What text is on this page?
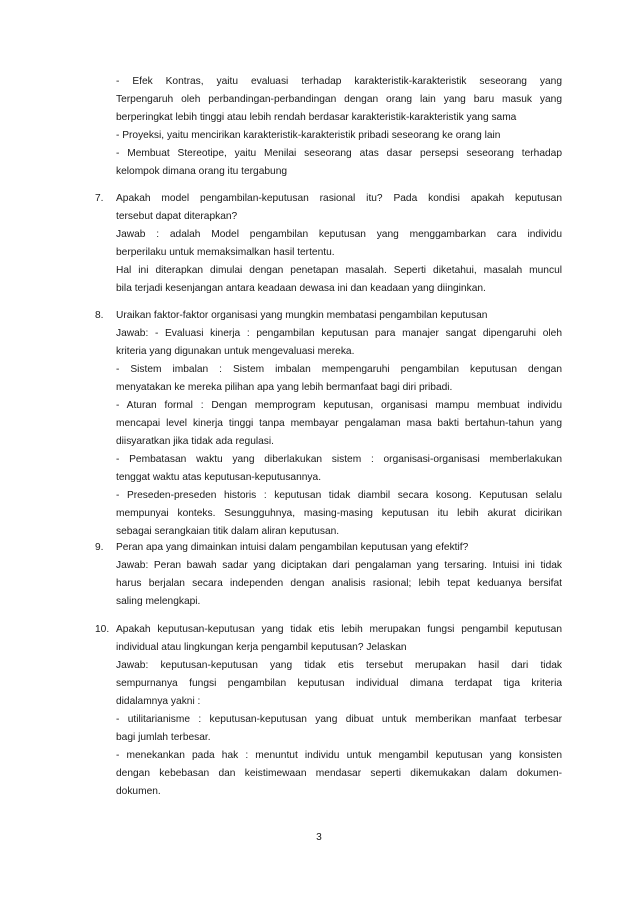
- Efek Kontras, yaitu evaluasi terhadap karakteristik-karakteristik seseorang yang
Terpengaruh oleh perbandingan-perbandingan dengan orang lain yang baru masuk yang
berperingkat lebih tinggi atau lebih rendah berdasar karakteristik-karakteristik yang sama
- Proyeksi, yaitu mencirikan karakteristik-karakteristik pribadi seseorang ke orang lain
- Membuat Stereotipe, yaitu Menilai seseorang atas dasar persepsi seseorang terhadap
kelompok dimana orang itu tergabung
7.	Apakah model pengambilan-keputusan rasional itu? Pada kondisi apakah keputusan
tersebut dapat diterapkan?
Jawab : adalah Model pengambilan keputusan yang menggambarkan cara individu
berperilaku untuk memaksimalkan hasil tertentu.
Hal ini diterapkan dimulai dengan penetapan masalah. Seperti diketahui, masalah muncul
bila terjadi kesenjangan antara keadaan dewasa ini dan keadaan yang diinginkan.
8.	Uraikan faktor-faktor organisasi yang mungkin membatasi pengambilan keputusan
Jawab: - Evaluasi kinerja : pengambilan keputusan para manajer sangat dipengaruhi oleh
kriteria yang digunakan untuk mengevaluasi mereka.
- Sistem imbalan : Sistem imbalan mempengaruhi pengambilan keputusan dengan
menyatakan ke mereka pilihan apa yang lebih bermanfaat bagi diri pribadi.
- Aturan formal : Dengan memprogram keputusan, organisasi mampu membuat individu
mencapai level kinerja tinggi tanpa membayar pengalaman masa bakti bertahun-tahun yang
diisyaratkan jika tidak ada regulasi.
- Pembatasan waktu yang diberlakukan sistem : organisasi-organisasi memberlakukan
tenggat waktu atas keputusan-keputusannya.
- Preseden-preseden historis : keputusan tidak diambil secara kosong. Keputusan selalu
mempunyai konteks. Sesungguhnya, masing-masing keputusan itu lebih akurat dicirikan
sebagai serangkaian titik dalam aliran keputusan.
9.	Peran apa yang dimainkan intuisi dalam pengambilan keputusan yang efektif?
Jawab: Peran bawah sadar yang diciptakan dari pengalaman yang tersaring. Intuisi ini tidak
harus berjalan secara independen dengan analisis rasional; lebih tepat keduanya bersifat
saling melengkapi.
10. Apakah keputusan-keputusan yang tidak etis lebih merupakan fungsi pengambil keputusan
individual atau lingkungan kerja pengambil keputusan? Jelaskan
Jawab: keputusan-keputusan yang tidak etis tersebut merupakan hasil dari tidak
sempurnanya fungsi pengambilan keputusan individual dimana terdapat tiga kriteria
didalamnya yakni :
- utilitarianisme : keputusan-keputusan yang dibuat untuk memberikan manfaat terbesar
bagi jumlah terbesar.
- menekankan pada hak : menuntut individu untuk mengambil keputusan yang konsisten
dengan kebebasan dan keistimewaan mendasar seperti dikemukakan dalam dokumen-
dokumen.
3
